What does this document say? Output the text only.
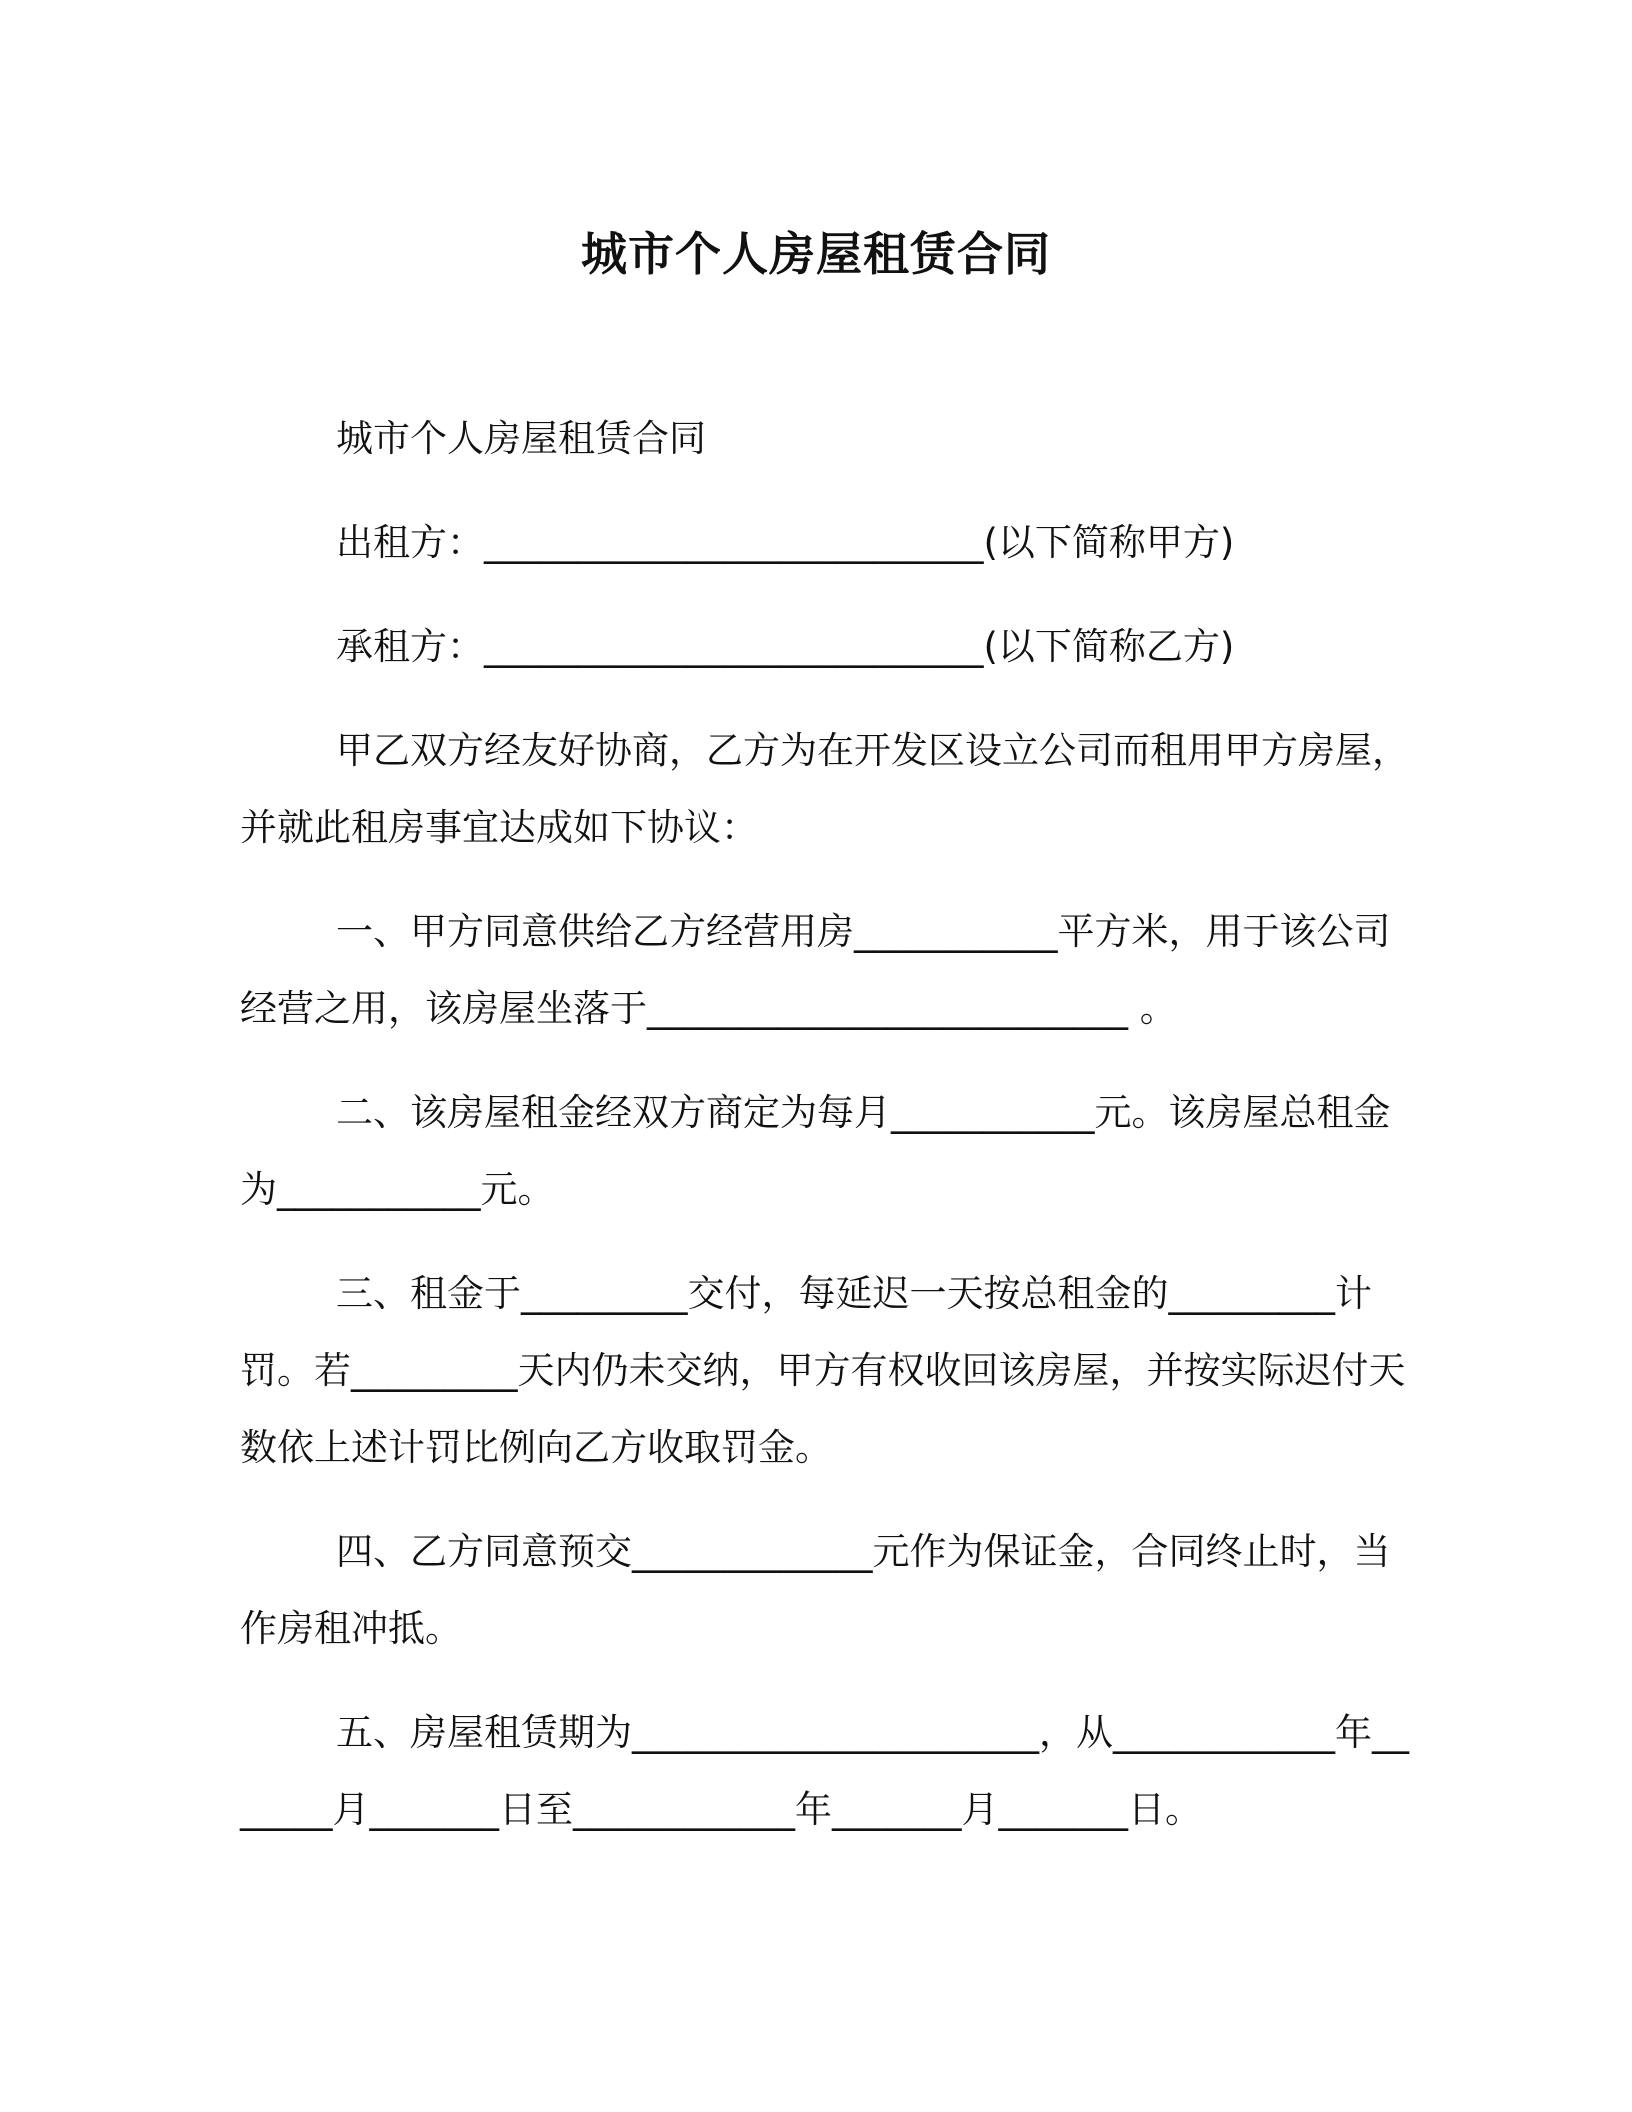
城市个人房屋租赁合同

城市个人房屋租赁合同

出租方：___________________________(以下简称甲方)

承租方：___________________________(以下简称乙方)

甲乙双方经友好协商，乙方为在开发区设立公司而租用甲方房屋，并就此租房事宜达成如下协议：

一、甲方同意供给乙方经营用房___________平方米，用于该公司经营之用，该房屋坐落于__________________________ 。

二、该房屋租金经双方商定为每月___________元。该房屋总租金为___________元。

三、租金于_________交付，每延迟一天按总租金的_________计罚。若_________天内仍未交纳，甲方有权收回该房屋，并按实际迟付天数依上述计罚比例向乙方收取罚金。

四、乙方同意预交_____________元作为保证金，合同终止时，当作房租冲抵。

五、房屋租赁期为______________________，从____________年_______月_______日至____________年_______月_______日。
